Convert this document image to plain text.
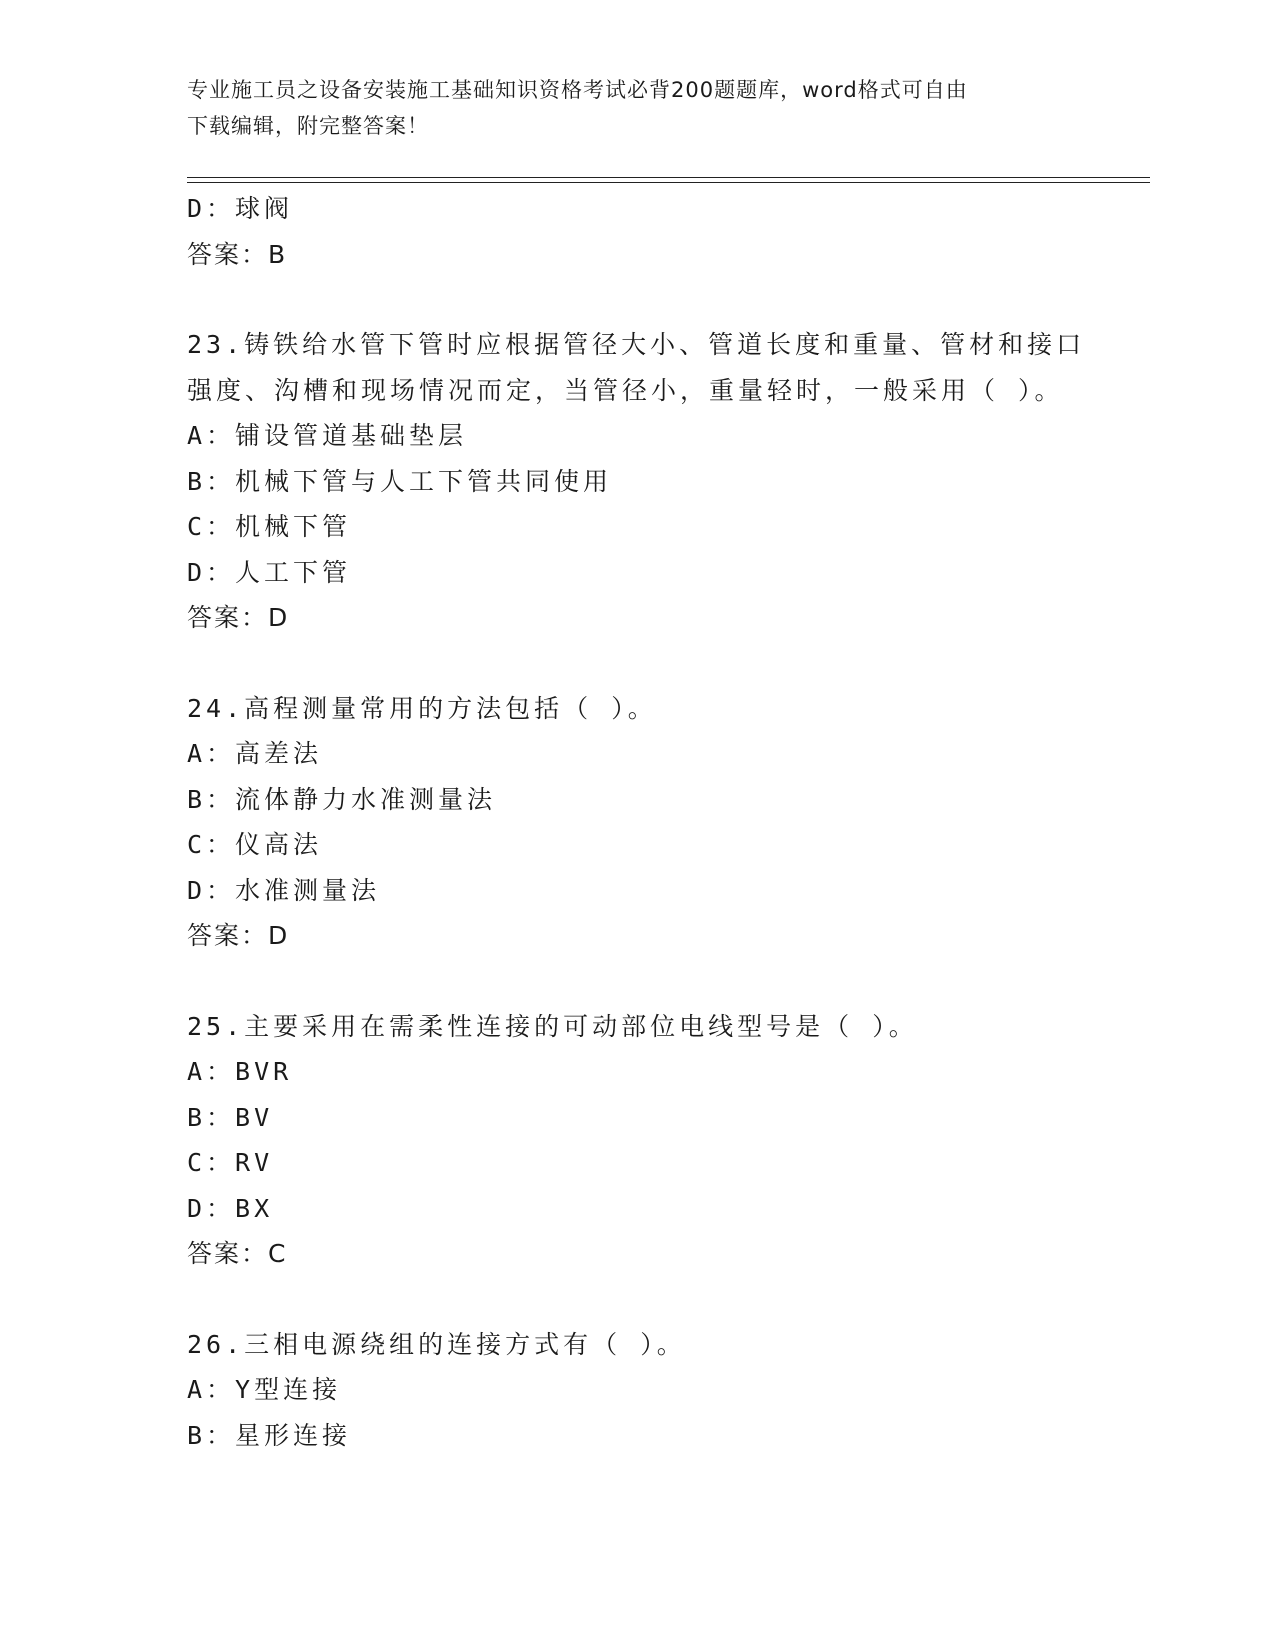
专业施工员之设备安装施工基础知识资格考试必背200题题库，word格式可自由
下载编辑，附完整答案！
D：球阀
答案：B
23.铸铁给水管下管时应根据管径大小、管道长度和重量、管材和接口
强度、沟槽和现场情况而定，当管径小，重量轻时，一般采用（ ）。
A：铺设管道基础垫层
B：机械下管与人工下管共同使用
C：机械下管
D：人工下管
答案：D
24.高程测量常用的方法包括（ ）。
A：高差法
B：流体静力水准测量法
C：仪高法
D：水准测量法
答案：D
25.主要采用在需柔性连接的可动部位电线型号是（ ）。
A：BVR
B：BV
C：RV
D：BX
答案：C
26.三相电源绕组的连接方式有（ ）。
A：Y型连接
B：星形连接
